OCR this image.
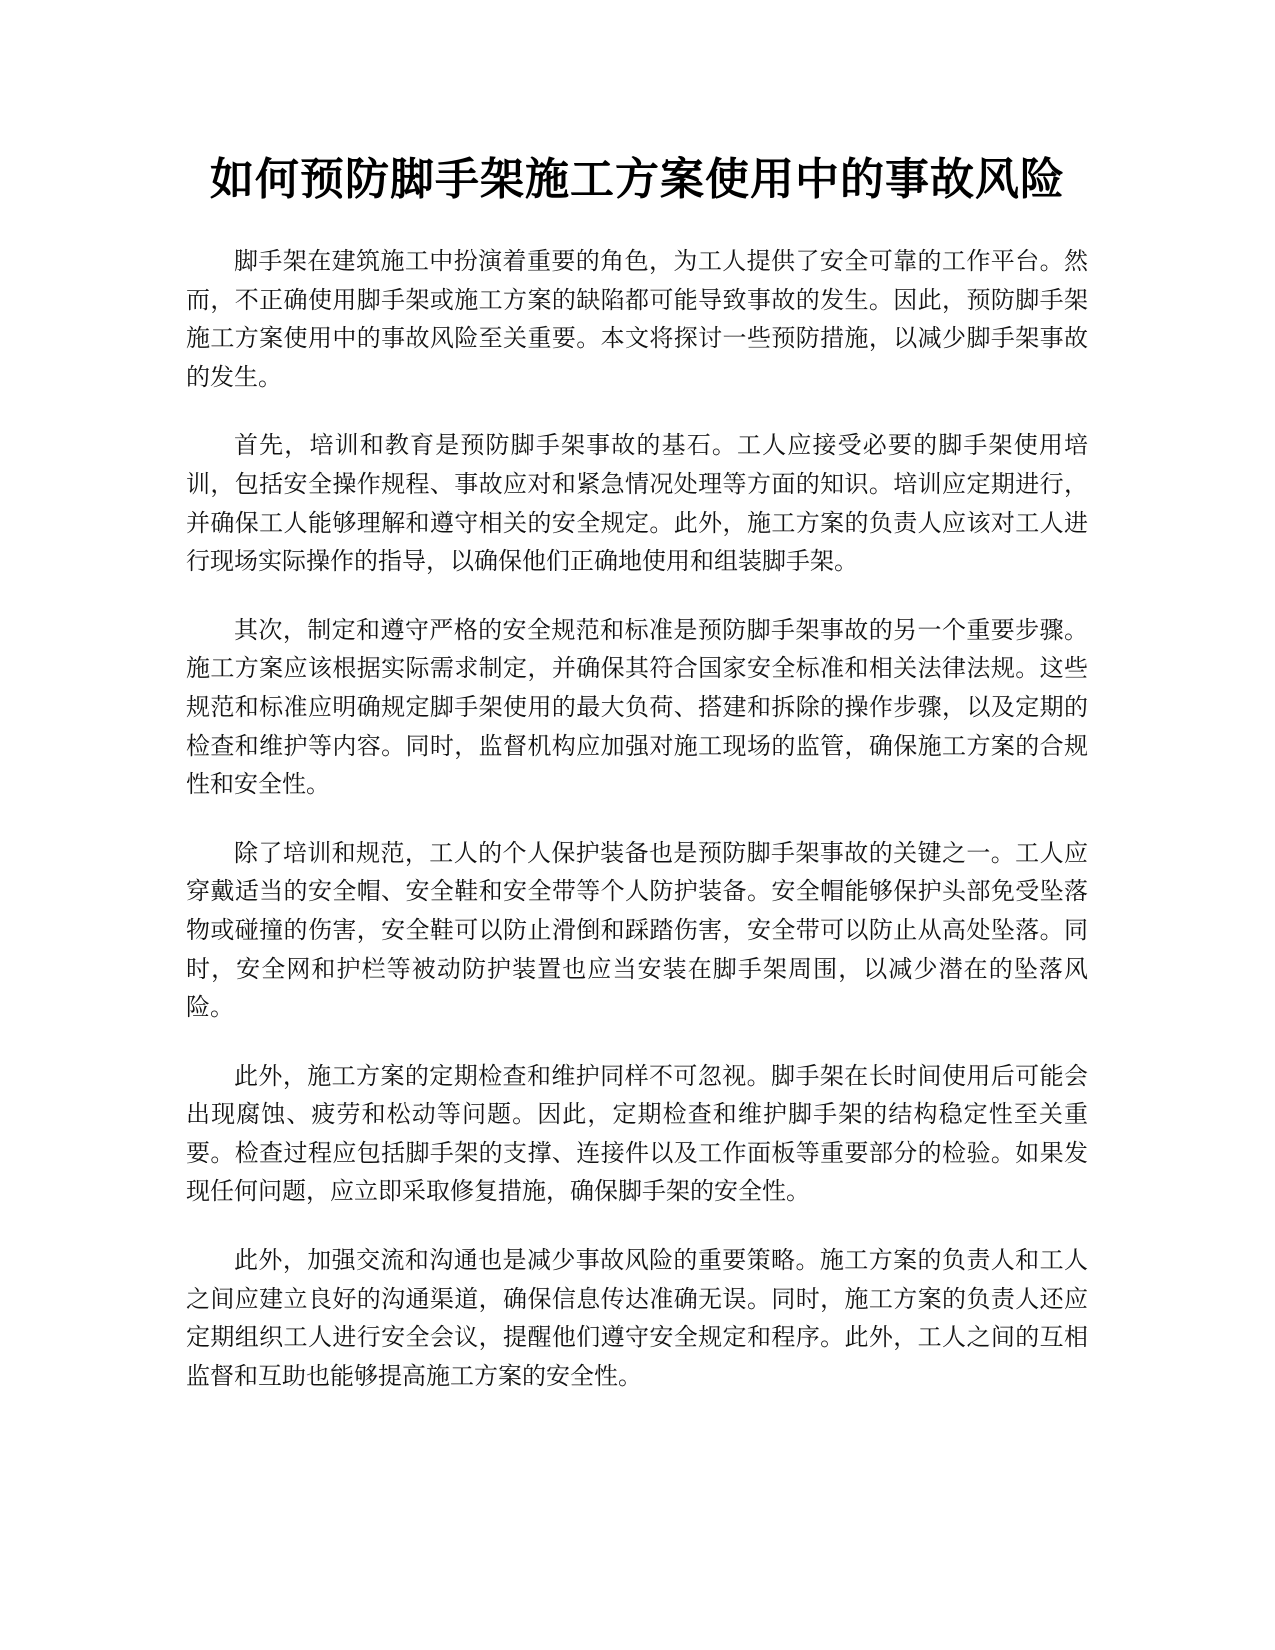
如何预防脚手架施工方案使用中的事故风险

脚手架在建筑施工中扮演着重要的角色，为工人提供了安全可靠的工作平台。然而，不正确使用脚手架或施工方案的缺陷都可能导致事故的发生。因此，预防脚手架施工方案使用中的事故风险至关重要。本文将探讨一些预防措施，以减少脚手架事故的发生。

首先，培训和教育是预防脚手架事故的基石。工人应接受必要的脚手架使用培训，包括安全操作规程、事故应对和紧急情况处理等方面的知识。培训应定期进行，并确保工人能够理解和遵守相关的安全规定。此外，施工方案的负责人应该对工人进行现场实际操作的指导，以确保他们正确地使用和组装脚手架。

其次，制定和遵守严格的安全规范和标准是预防脚手架事故的另一个重要步骤。施工方案应该根据实际需求制定，并确保其符合国家安全标准和相关法律法规。这些规范和标准应明确规定脚手架使用的最大负荷、搭建和拆除的操作步骤，以及定期的检查和维护等内容。同时，监督机构应加强对施工现场的监管，确保施工方案的合规性和安全性。

除了培训和规范，工人的个人保护装备也是预防脚手架事故的关键之一。工人应穿戴适当的安全帽、安全鞋和安全带等个人防护装备。安全帽能够保护头部免受坠落物或碰撞的伤害，安全鞋可以防止滑倒和踩踏伤害，安全带可以防止从高处坠落。同时，安全网和护栏等被动防护装置也应当安装在脚手架周围，以减少潜在的坠落风险。

此外，施工方案的定期检查和维护同样不可忽视。脚手架在长时间使用后可能会出现腐蚀、疲劳和松动等问题。因此，定期检查和维护脚手架的结构稳定性至关重要。检查过程应包括脚手架的支撑、连接件以及工作面板等重要部分的检验。如果发现任何问题，应立即采取修复措施，确保脚手架的安全性。

此外，加强交流和沟通也是减少事故风险的重要策略。施工方案的负责人和工人之间应建立良好的沟通渠道，确保信息传达准确无误。同时，施工方案的负责人还应定期组织工人进行安全会议，提醒他们遵守安全规定和程序。此外，工人之间的互相监督和互助也能够提高施工方案的安全性。
